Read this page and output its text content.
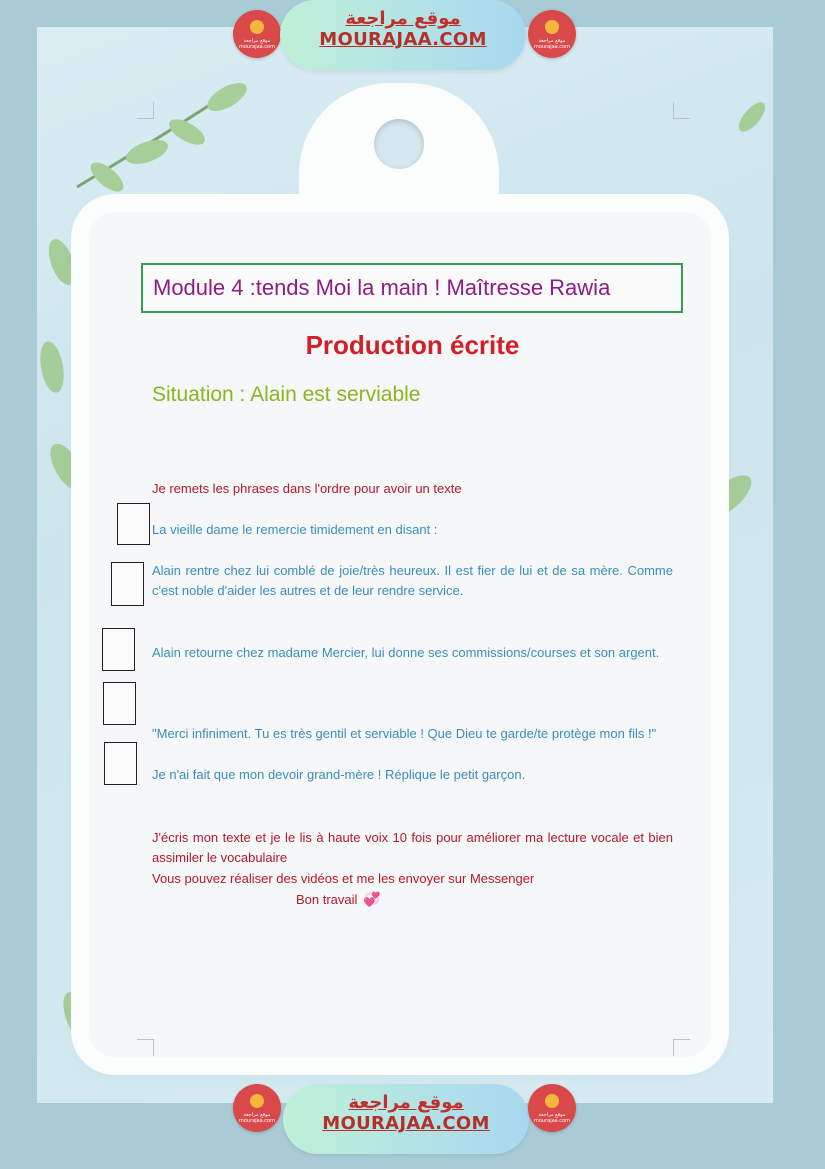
موقع مراجعة mourajaa.com
موقع مراجعة
MOURAJAA.COM	موقع مراجعة mourajaa.com
Module 4 :tends Moi la main ! Maîtresse Rawia
Production écrite
Situation : Alain est serviable
Je remets les phrases dans l'ordre pour avoir un texte
La vieille dame le remercie timidement en disant :
Alain rentre chez lui comblé de joie/très heureux. Il est fier de lui et de sa mère. Comme c'est noble d'aider les autres et de leur rendre service.
Alain retourne chez madame Mercier, lui donne ses commissions/courses et son argent.
"Merci infiniment. Tu es très gentil et serviable ! Que Dieu te garde/te protège mon fils !"
Je n'ai fait que mon devoir grand-mère ! Réplique le petit garçon.
J'écris mon texte et je le lis à haute voix 10 fois pour améliorer ma lecture vocale et bien assimiler le vocabulaire
Vous pouvez réaliser des vidéos et me les envoyer sur Messenger
Bon travail 💞
موقع مراجعة mourajaa.com
موقع مراجعة
MOURAJAA.COM	موقع مراجعة mourajaa.com
